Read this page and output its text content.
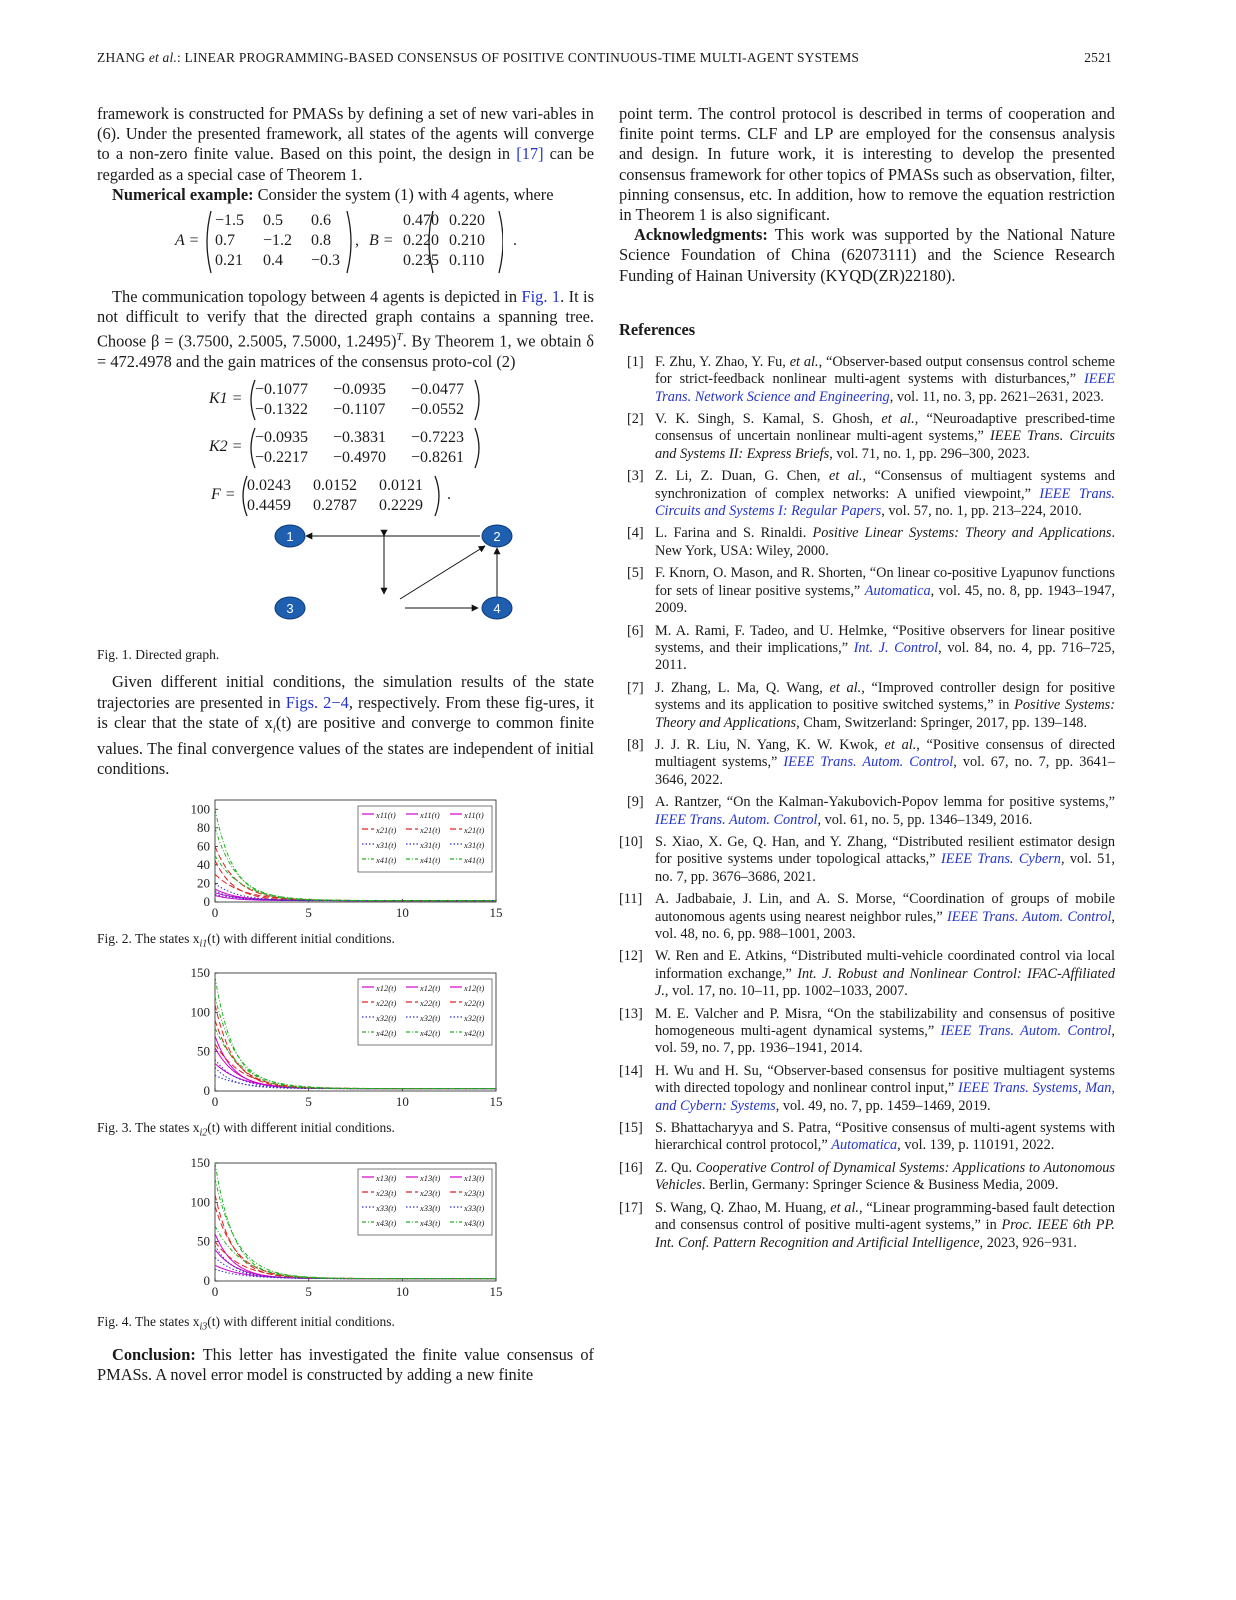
ZHANG et al.: LINEAR PROGRAMMING-BASED CONSENSUS OF POSITIVE CONTINUOUS-TIME MULTI-AGENT SYSTEMS	2521

framework is constructed for PMASs by defining a set of new vari-ables in (6). Under the presented framework, all states of the agents will converge to a non-zero finite value. Based on this point, the design in [17] can be regarded as a special case of Theorem 1.

Numerical example: Consider the system (1) with 4 agents, where

A =
−1.5 0.5 0.6
0.7 −1.2 0.8
0.21 0.4 −0.3
, B =
0.470 0.220
0.220 0.210
0.235 0.110
.

The communication topology between 4 agents is depicted in Fig. 1. It is not difficult to verify that the directed graph contains a spanning tree. Choose β = (3.7500, 2.5005, 7.5000, 1.2495)$^T$. By Theorem 1, we obtain δ = 472.4978 and the gain matrices of the consensus proto-col (2)

K1 =
−0.1077 −0.0935 −0.0477
−0.1322 −0.1107 −0.0552
K2 =
−0.0935 −0.3831 −0.7223
−0.2217 −0.4970 −0.8261
F =
0.0243 0.0152 0.0121
0.4459 0.2787 0.2229
.
1	2
3	4

Fig. 1. Directed graph.

Given different initial conditions, the simulation results of the state trajectories are presented in Figs. 2−4, respectively. From these fig-ures, it is clear that the state of $x_i(t)$ are positive and converge to common finite values. The final convergence values of the states are independent of initial conditions.

0	5	10	15
0
20
40
60
80
100	x11(t)	x11(t)	x11(t)
x21(t)	x21(t)	x21(t)
x31(t)	x31(t)	x31(t)
x41(t)	x41(t)	x41(t)

Fig. 2. The states $x_{i1}(t)$ with different initial conditions.

0	5	10	15
0
50
100
150
x12(t)	x12(t)	x12(t)
x22(t)	x22(t)	x22(t)
x32(t)	x32(t)	x32(t)
x42(t)	x42(t)	x42(t)

Fig. 3. The states $x_{i2}(t)$ with different initial conditions.

0	5	10	15
0
50
100
150
x13(t)	x13(t)	x13(t)
x23(t)	x23(t)	x23(t)
x33(t)	x33(t)	x33(t)
x43(t)	x43(t)	x43(t)

Fig. 4. The states $x_{i3}(t)$ with different initial conditions.

Conclusion: This letter has investigated the finite value consensus of PMASs. A novel error model is constructed by adding a new finite

point term. The control protocol is described in terms of cooperation and finite point terms. CLF and LP are employed for the consensus analysis and design. In future work, it is interesting to develop the presented consensus framework for other topics of PMASs such as observation, filter, pinning consensus, etc. In addition, how to remove the equation restriction in Theorem 1 is also significant.

Acknowledgments: This work was supported by the National Nature Science Foundation of China (62073111) and the Science Research Funding of Hainan University (KYQD(ZR)22180).

References
[1] F. Zhu, Y. Zhao, Y. Fu, et al., “Observer-based output consensus control scheme for strict-feedback nonlinear multi-agent systems with disturbances,” IEEE Trans. Network Science and Engineering, vol. 11, no. 3, pp. 2621–2631, 2023.
[2] V. K. Singh, S. Kamal, S. Ghosh, et al., “Neuroadaptive prescribed-time consensus of uncertain nonlinear multi-agent systems,” IEEE Trans. Circuits and Systems II: Express Briefs, vol. 71, no. 1, pp. 296–300, 2023.
[3] Z. Li, Z. Duan, G. Chen, et al., “Consensus of multiagent systems and synchronization of complex networks: A unified viewpoint,” IEEE Trans. Circuits and Systems I: Regular Papers, vol. 57, no. 1, pp. 213–224, 2010.
[4] L. Farina and S. Rinaldi. Positive Linear Systems: Theory and Applications. New York, USA: Wiley, 2000.
[5] F. Knorn, O. Mason, and R. Shorten, “On linear co-positive Lyapunov functions for sets of linear positive systems,” Automatica, vol. 45, no. 8, pp. 1943–1947, 2009.
[6] M. A. Rami, F. Tadeo, and U. Helmke, “Positive observers for linear positive systems, and their implications,” Int. J. Control, vol. 84, no. 4, pp. 716–725, 2011.
[7] J. Zhang, L. Ma, Q. Wang, et al., “Improved controller design for positive systems and its application to positive switched systems,” in Positive Systems: Theory and Applications, Cham, Switzerland: Springer, 2017, pp. 139–148.
[8] J. J. R. Liu, N. Yang, K. W. Kwok, et al., “Positive consensus of directed multiagent systems,” IEEE Trans. Autom. Control, vol. 67, no. 7, pp. 3641–3646, 2022.
[9] A. Rantzer, “On the Kalman-Yakubovich-Popov lemma for positive systems,” IEEE Trans. Autom. Control, vol. 61, no. 5, pp. 1346–1349, 2016.
[10] S. Xiao, X. Ge, Q. Han, and Y. Zhang, “Distributed resilient estimator design for positive systems under topological attacks,” IEEE Trans. Cybern, vol. 51, no. 7, pp. 3676–3686, 2021.
[11] A. Jadbabaie, J. Lin, and A. S. Morse, “Coordination of groups of mobile autonomous agents using nearest neighbor rules,” IEEE Trans. Autom. Control, vol. 48, no. 6, pp. 988–1001, 2003.
[12] W. Ren and E. Atkins, “Distributed multi-vehicle coordinated control via local information exchange,” Int. J. Robust and Nonlinear Control: IFAC-Affiliated J., vol. 17, no. 10–11, pp. 1002–1033, 2007.
[13] M. E. Valcher and P. Misra, “On the stabilizability and consensus of positive homogeneous multi-agent dynamical systems,” IEEE Trans. Autom. Control, vol. 59, no. 7, pp. 1936–1941, 2014.
[14] H. Wu and H. Su, “Observer-based consensus for positive multiagent systems with directed topology and nonlinear control input,” IEEE Trans. Systems, Man, and Cybern: Systems, vol. 49, no. 7, pp. 1459–1469, 2019.
[15] S. Bhattacharyya and S. Patra, “Positive consensus of multi-agent systems with hierarchical control protocol,” Automatica, vol. 139, p. 110191, 2022.
[16] Z. Qu. Cooperative Control of Dynamical Systems: Applications to Autonomous Vehicles. Berlin, Germany: Springer Science & Business Media, 2009.
[17] S. Wang, Q. Zhao, M. Huang, et al., “Linear programming-based fault detection and consensus control of positive multi-agent systems,” in Proc. IEEE 6th PP. Int. Conf. Pattern Recognition and Artificial Intelligence, 2023, 926−931.
